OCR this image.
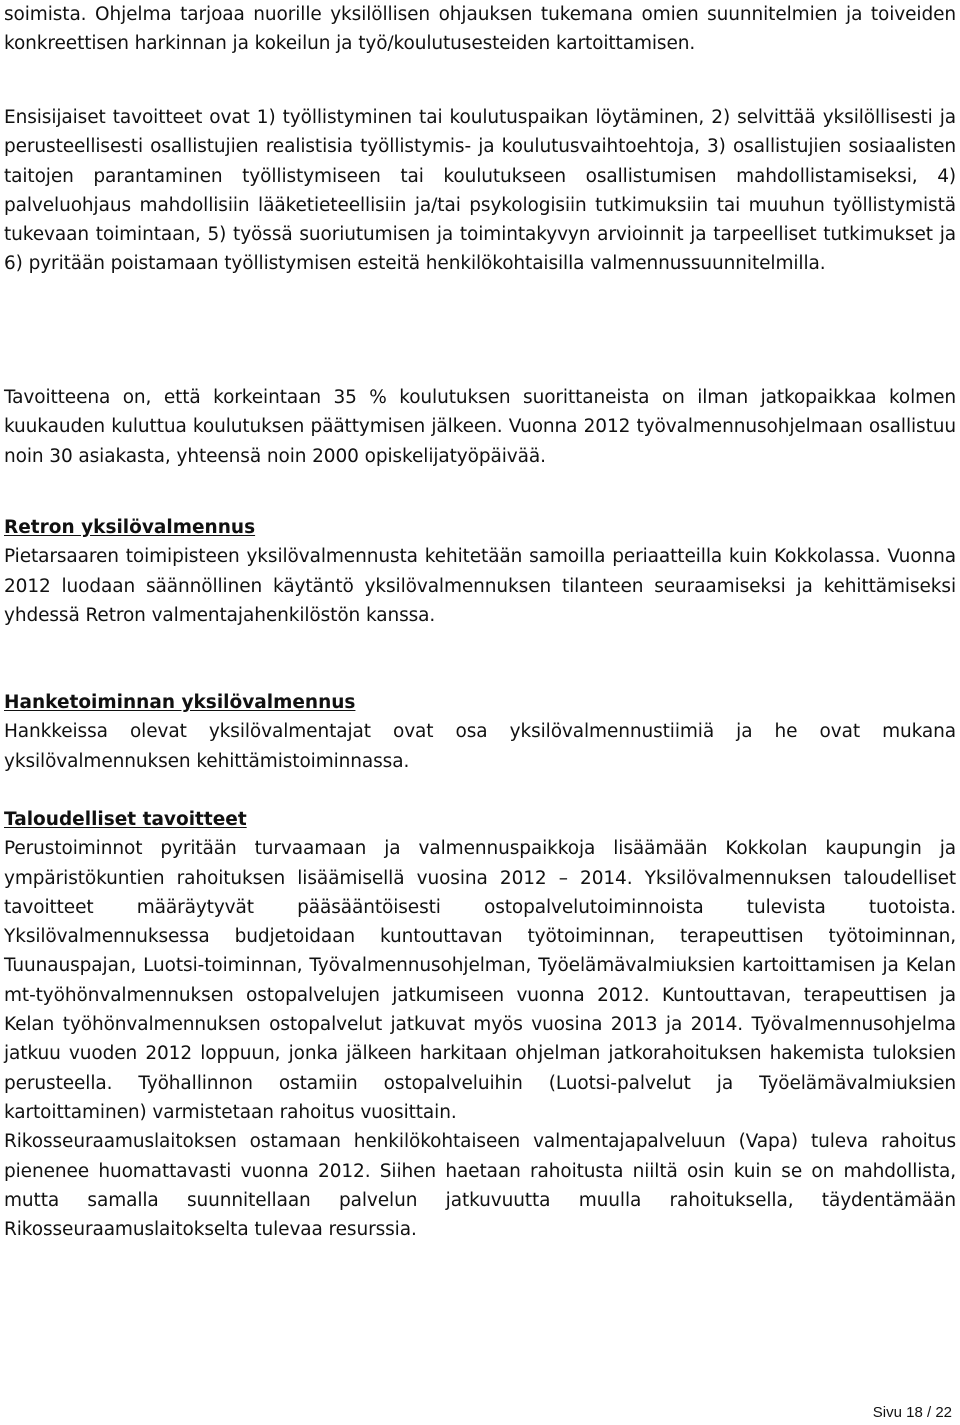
soimista. Ohjelma tarjoaa nuorille yksilöllisen ohjauksen tukemana omien suunnitelmien ja toiveiden konkreettisen harkinnan ja kokeilun ja työ/koulutusesteiden kartoittamisen.

Ensisijaiset tavoitteet ovat 1) työllistyminen tai koulutuspaikan löytäminen, 2) selvittää yksilöllisesti ja perusteellisesti osallistujien realistisia työllistymis- ja koulutusvaihtoehtoja, 3) osallistujien sosiaalisten taitojen parantaminen työllistymiseen tai koulutukseen osallistumisen mahdollistamiseksi, 4) palveluohjaus mahdollisiin lääketieteellisiin ja/tai psykologisiin tutkimuksiin tai muuhun työllistymistä tukevaan toimintaan, 5) työssä suoriutumisen ja toimintakyvyn arvioinnit ja tarpeelliset tutkimukset ja 6) pyritään poistamaan työllistymisen esteitä henkilökohtaisilla valmennussuunnitelmilla.

Tavoitteena on, että korkeintaan 35 % koulutuksen suorittaneista on ilman jatkopaikkaa kolmen kuukauden kuluttua koulutuksen päättymisen jälkeen. Vuonna 2012 työvalmennusohjelmaan osallistuu noin 30 asiakasta, yhteensä noin 2000 opiskelijatyöpäivää.

Retron yksilövalmennus

Pietarsaaren toimipisteen yksilövalmennusta kehitetään samoilla periaatteilla kuin Kokkolassa. Vuonna 2012 luodaan säännöllinen käytäntö yksilövalmennuksen tilanteen seuraamiseksi ja kehittämiseksi yhdessä Retron valmentajahenkilöstön kanssa.

Hanketoiminnan yksilövalmennus

Hankkeissa olevat yksilövalmentajat ovat osa yksilövalmennustiimiä ja he ovat mukana yksilövalmennuksen kehittämistoiminnassa.

Taloudelliset tavoitteet

Perustoiminnot pyritään turvaamaan ja valmennuspaikkoja lisäämään Kokkolan kaupungin ja ympäristökuntien rahoituksen lisäämisellä vuosina 2012 – 2014. Yksilövalmennuksen taloudelliset tavoitteet määräytyvät pääsääntöisesti ostopalvelutoiminnoista tulevista tuotoista. Yksilövalmennuksessa budjetoidaan kuntouttavan työtoiminnan, terapeuttisen työtoiminnan, Tuunauspajan, Luotsi-toiminnan, Työvalmennusohjelman, Työelämävalmiuksien kartoittamisen ja Kelan mt-työhönvalmennuksen ostopalvelujen jatkumiseen vuonna 2012. Kuntouttavan, terapeuttisen ja Kelan työhönvalmennuksen ostopalvelut jatkuvat myös vuosina 2013 ja 2014. Työvalmennusohjelma jatkuu vuoden 2012 loppuun, jonka jälkeen harkitaan ohjelman jatkorahoituksen hakemista tuloksien perusteella. Työhallinnon ostamiin ostopalveluihin (Luotsi-palvelut ja Työelämävalmiuksien kartoittaminen) varmistetaan rahoitus vuosittain.

Rikosseuraamuslaitoksen ostamaan henkilökohtaiseen valmentajapalveluun (Vapa) tuleva rahoitus pienenee huomattavasti vuonna 2012. Siihen haetaan rahoitusta niiltä osin kuin se on mahdollista, mutta samalla suunnitellaan palvelun jatkuvuutta muulla rahoituksella, täydentämään Rikosseuraamuslaitokselta tulevaa resurssia.

Sivu 18 / 22
